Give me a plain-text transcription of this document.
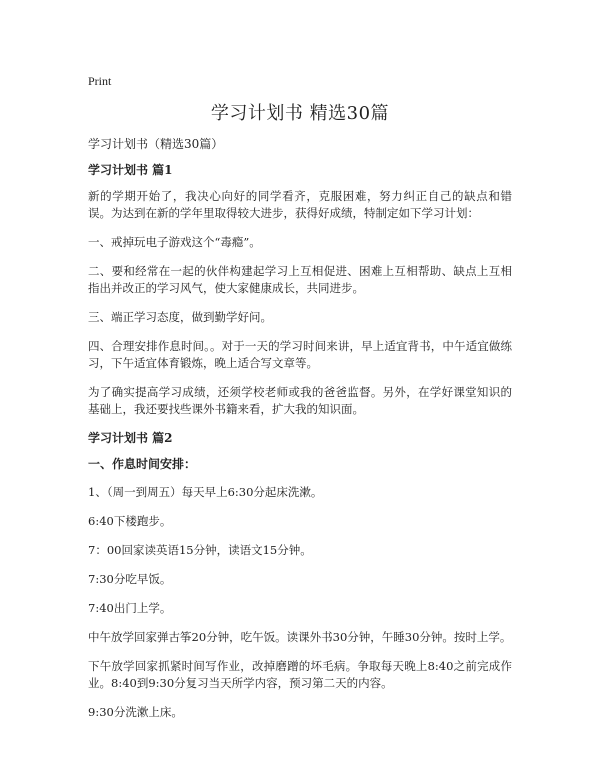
Print
学习计划书 精选30篇

学习计划书（精选30篇）

学习计划书 篇1

新的学期开始了，我决心向好的同学看齐，克服困难，努力纠正自己的缺点和错误。为达到在新的学年里取得较大进步，获得好成绩，特制定如下学习计划：

一、戒掉玩电子游戏这个“毒瘾”。

二、要和经常在一起的伙伴构建起学习上互相促进、困难上互相帮助、缺点上互相指出并改正的学习风气，使大家健康成长，共同进步。

三、端正学习态度，做到勤学好问。

四、合理安排作息时间。。对于一天的学习时间来讲，早上适宜背书，中午适宜做练习，下午适宜体育锻炼，晚上适合写文章等。

为了确实提高学习成绩，还须学校老师或我的爸爸监督。另外，在学好课堂知识的基础上，我还要找些课外书籍来看，扩大我的知识面。

学习计划书 篇2
一、作息时间安排：

1、（周一到周五）每天早上6:30分起床洗漱。

6:40下楼跑步。

7：00回家读英语15分钟，读语文15分钟。

7:30分吃早饭。

7:40出门上学。

中午放学回家弹古筝20分钟，吃午饭。读课外书30分钟，午睡30分钟。按时上学。

下午放学回家抓紧时间写作业，改掉磨蹭的坏毛病。争取每天晚上8:40之前完成作业。8:40到9:30分复习当天所学内容，预习第二天的内容。

9:30分洗漱上床。
